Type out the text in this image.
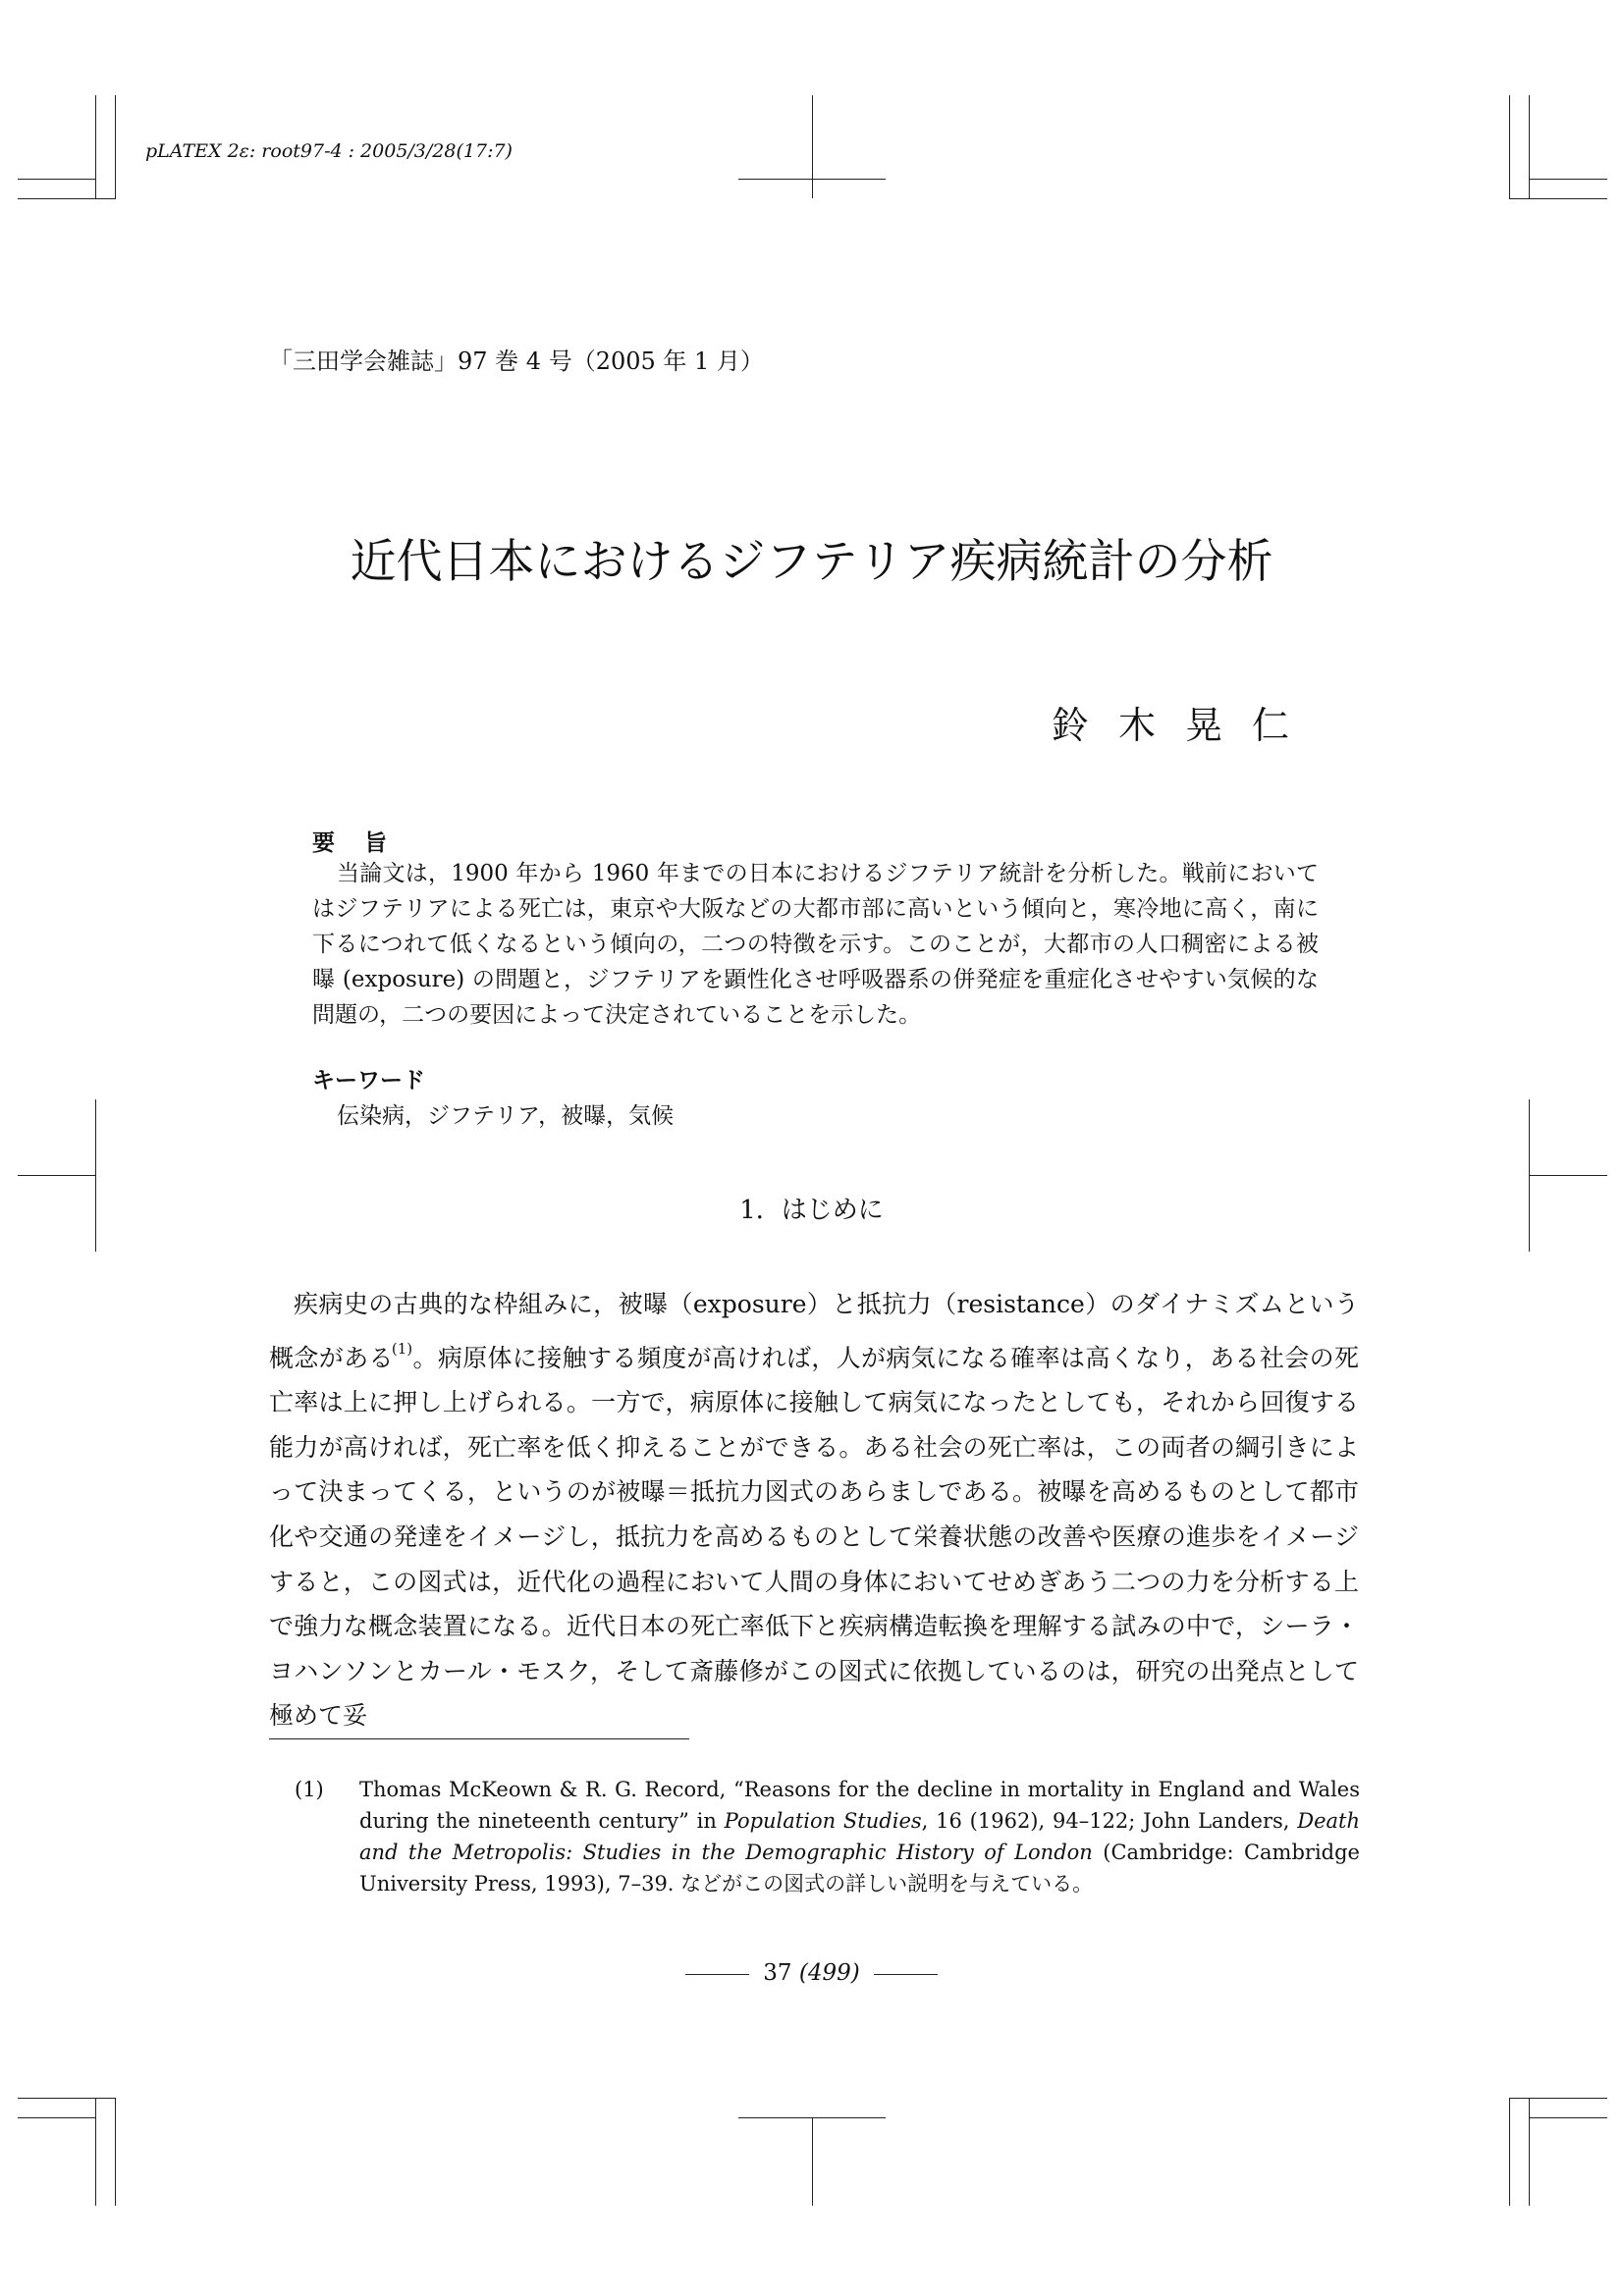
pLATEX 2ε: root97-4 : 2005/3/28(17:7)
「三田学会雑誌」97 巻 4 号（2005 年 1 月）
近代日本におけるジフテリア疾病統計の分析
鈴木晃仁
要旨
当論文は，1900 年から 1960 年までの日本におけるジフテリア統計を分析した。戦前においてはジフテリアによる死亡は，東京や大阪などの大都市部に高いという傾向と，寒冷地に高く，南に下るにつれて低くなるという傾向の，二つの特徴を示す。このことが，大都市の人口稠密による被曝 (exposure) の問題と，ジフテリアを顕性化させ呼吸器系の併発症を重症化させやすい気候的な問題の，二つの要因によって決定されていることを示した。
キーワード
伝染病，ジフテリア，被曝，気候
1．はじめに
疾病史の古典的な枠組みに，被曝（exposure）と抵抗力（resistance）のダイナミズムという概念がある$^{(1)}$。病原体に接触する頻度が高ければ，人が病気になる確率は高くなり，ある社会の死亡率は上に押し上げられる。一方で，病原体に接触して病気になったとしても，それから回復する能力が高ければ，死亡率を低く抑えることができる。ある社会の死亡率は，この両者の綱引きによって決まってくる，というのが被曝＝抵抗力図式のあらましである。被曝を高めるものとして都市化や交通の発達をイメージし，抵抗力を高めるものとして栄養状態の改善や医療の進歩をイメージすると，この図式は，近代化の過程において人間の身体においてせめぎあう二つの力を分析する上で強力な概念装置になる。近代日本の死亡率低下と疾病構造転換を理解する試みの中で，シーラ・ヨハンソンとカール・モスク，そして斎藤修がこの図式に依拠しているのは，研究の出発点として極めて妥
(1) Thomas McKeown & R. G. Record, “Reasons for the decline in mortality in England and Wales during the nineteenth century” in Population Studies, 16 (1962), 94–122; John Landers, Death and the Metropolis: Studies in the Demographic History of London (Cambridge: Cambridge University Press, 1993), 7–39. などがこの図式の詳しい説明を与えている。
37 (499)
